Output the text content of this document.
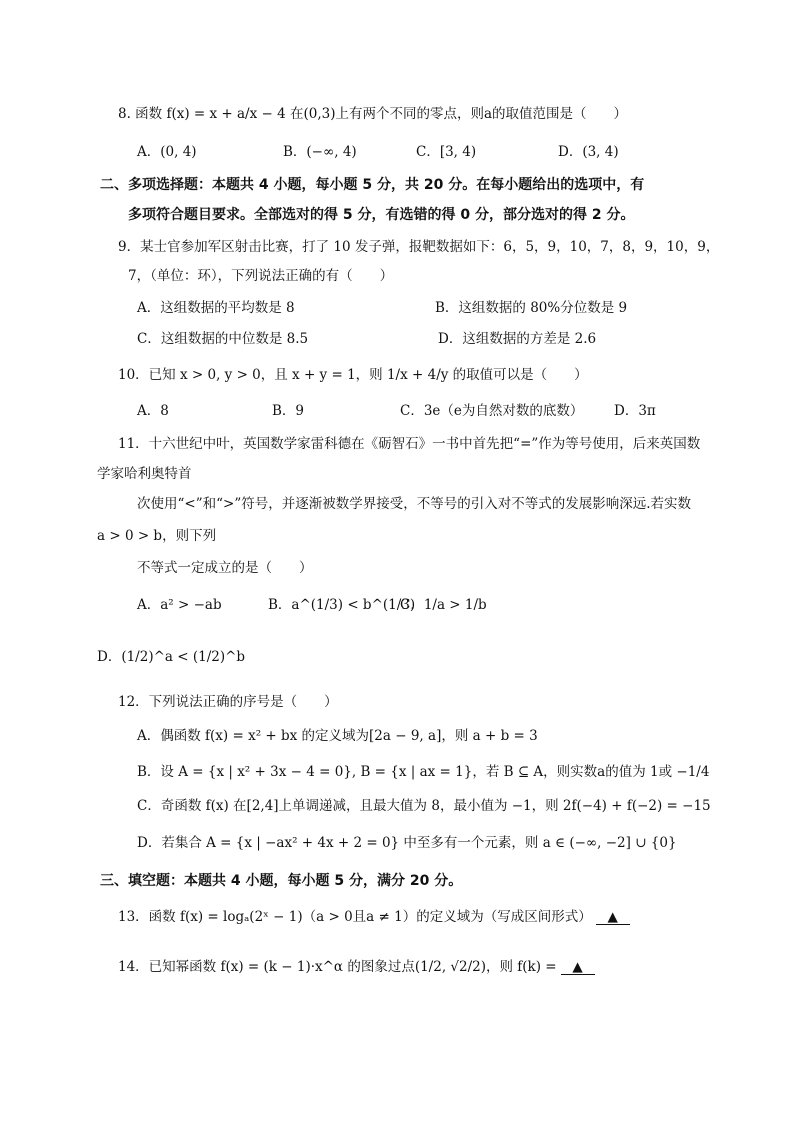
8. 函数 f(x) = x + a/x − 4 在(0,3)上有两个不同的零点，则a的取值范围是（　　）
A．(0, 4)	B．(−∞, 4)	C．[3, 4)	D．(3, 4)
二、多项选择题：本题共 4 小题，每小题 5 分，共 20 分。在每小题给出的选项中，有
多项符合题目要求。全部选对的得 5 分，有选错的得 0 分，部分选对的得 2 分。
9．某士官参加军区射击比赛，打了 10 发子弹，报靶数据如下：6，5，9，10，7，8，9，10，9，
7，（单位：环），下列说法正确的有（　　）
A．这组数据的平均数是 8	B．这组数据的 80%分位数是 9
C．这组数据的中位数是 8.5	D．这组数据的方差是 2.6
10．已知 x > 0, y > 0，且 x + y = 1，则 1/x + 4/y 的取值可以是（　　）
A．8	B．9	C．3e（e为自然对数的底数） D．3π
11．十六世纪中叶，英国数学家雷科德在《砺智石》一书中首先把“=”作为等号使用，后来英国数
学家哈利奥特首
次使用“<”和“>”符号，并逐渐被数学界接受，不等号的引入对不等式的发展影响深远.若实数
a > 0 > b，则下列
不等式一定成立的是（　　）
A．a² > −ab	B．a^(1/3) < b^(1/3)
C．1/a > 1/b
D．(1/2)^a < (1/2)^b
12．下列说法正确的序号是（　　）
A．偶函数 f(x) = x² + bx 的定义域为[2a − 9, a]，则 a + b = 3
B．设 A = {x | x² + 3x − 4 = 0}, B = {x | ax = 1}，若 B ⊆ A，则实数a的值为 1或 −1/4
C．奇函数 f(x) 在[2,4]上单调递减，且最大值为 8，最小值为 −1，则 2f(−4) + f(−2) = −15
D．若集合 A = {x | −ax² + 4x + 2 = 0} 中至多有一个元素，则 a ∈ (−∞, −2] ∪ {0}
三、填空题：本题共 4 小题，每小题 5 分，满分 20 分。
13．函数 f(x) = logₐ(2ˣ − 1)（a > 0且a ≠ 1）的定义域为（写成区间形式） ▲
14．已知幂函数 f(x) = (k − 1)·x^α 的图象过点(1/2, √2/2)，则 f(k) = ▲
